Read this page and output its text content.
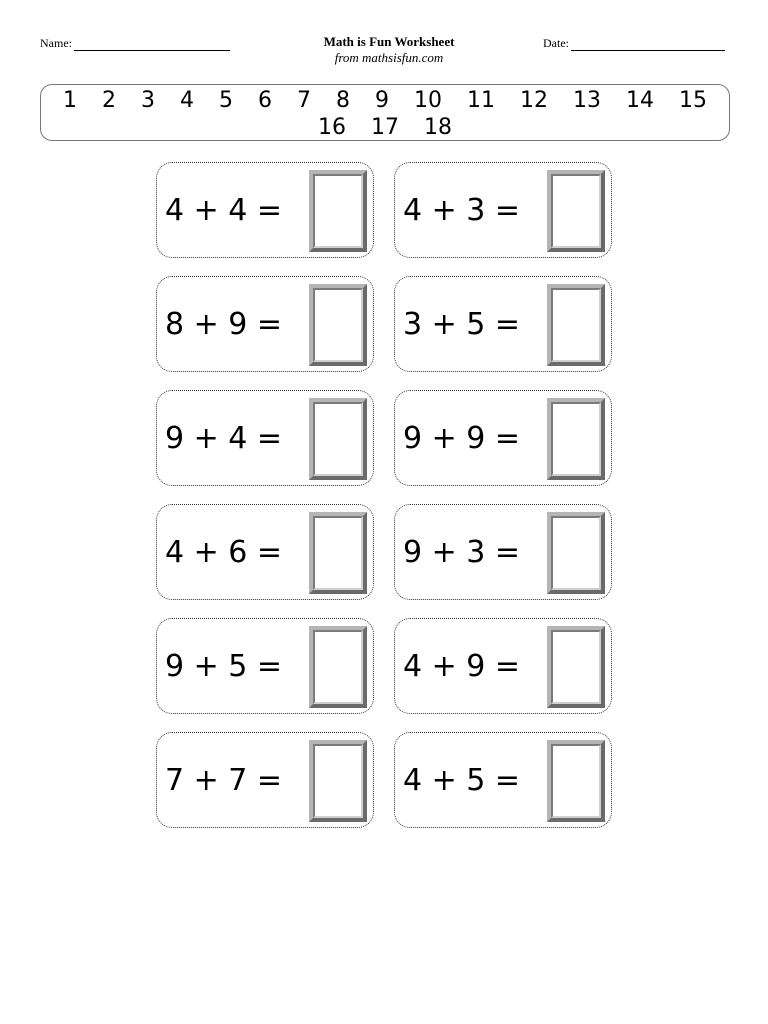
Name:	Math is Fun Worksheet
from mathsisfun.com
Date:
1 2 3 4 5 6 7 8 9 10 11 12 13 14 15 16 17 18
4 + 4 =	4 + 3 =
8 + 9 =	3 + 5 =
9 + 4 =	9 + 9 =
4 + 6 =	9 + 3 =
9 + 5 =	4 + 9 =
7 + 7 =	4 + 5 =
